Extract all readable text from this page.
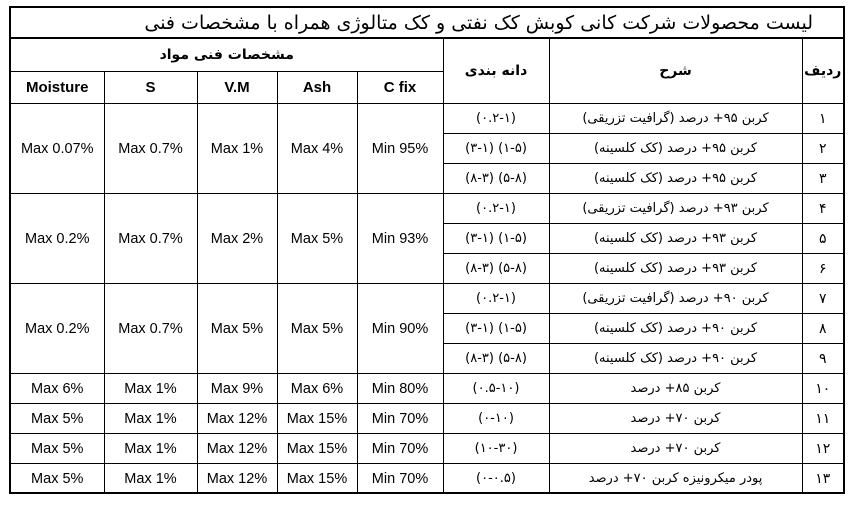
لیست محصولات شرکت کانی کوبش کک نفتی و کک متالوژی همراه با مشخصات فنی
مشخصات فنی مواد					دانه بندی	شرح	ردیف
Moisture	S	V.M	Ash	C fix			
Max 0.07%	Max 0.7%	Max 1%	Max 4%	Min 95%	(۰.۲-۱)	کربن ۹۵+ درصد (گرافیت تزریقی)	۱
					(۱-۵) (۳-۱)	کربن ۹۵+ درصد (کک کلسینه)	۲
					(۵-۸) (۸-۳)	کربن ۹۵+ درصد (کک کلسینه)	۳
Max 0.2%	Max 0.7%	Max 2%	Max 5%	Min 93%	(۰.۲-۱)	کربن ۹۳+ درصد (گرافیت تزریقی)	۴
					(۱-۵) (۳-۱)	کربن ۹۳+ درصد (کک کلسینه)	۵
					(۵-۸) (۸-۳)	کربن ۹۳+ درصد (کک کلسینه)	۶
Max 0.2%	Max 0.7%	Max 5%	Max 5%	Min 90%	(۰.۲-۱)	کربن ۹۰+ درصد (گرافیت تزریقی)	۷
					(۱-۵) (۳-۱)	کربن ۹۰+ درصد (کک کلسینه)	۸
					(۵-۸) (۸-۳)	کربن ۹۰+ درصد (کک کلسینه)	۹
Max 6%	Max 1%	Max 9%	Max 6%	Min 80%	(۰.۵-۱۰)	کربن ۸۵+ درصد	۱۰
Max 5%	Max 1%	Max 12%	Max 15%	Min 70%	(۰-۱۰)	کربن ۷۰+ درصد	۱۱
Max 5%	Max 1%	Max 12%	Max 15%	Min 70%	(۱۰-۳۰)	کربن ۷۰+ درصد	۱۲
Max 5%	Max 1%	Max 12%	Max 15%	Min 70%	(۰-۰.۵)	پودر میکرونیزه کربن ۷۰+ درصد	۱۳
